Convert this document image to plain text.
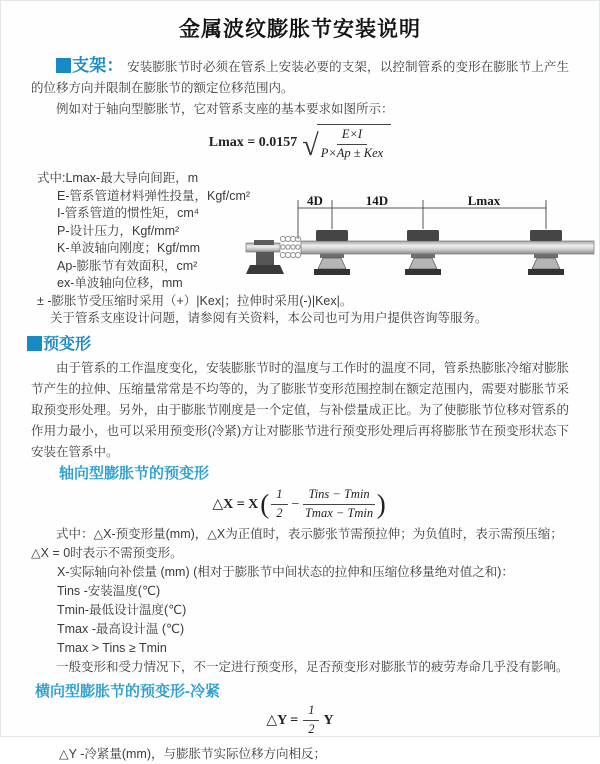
金属波纹膨胀节安装说明

支架： 安装膨胀节时必须在管系上安装必要的支架，以控制管系的变形在膨胀节上产生的位移方向并限制在膨胀节的额定位移范围内。

例如对于轴向型膨胀节，它对管系支座的基本要求如图所示：

Lmax = 0.0157 √ $\frac{E\times I}{\text{P×Ap ± Kex}}$
式中:Lmax-最大导向间距，m
E-管系管道材料弹性投量，Kgf/cm²
I-管系管道的惯性矩，cm⁴
P-设计压力，Kgf/mm²
K-单波轴向刚度；Kgf/mm
Ap-膨胀节有效面积，cm²
ex-单波轴向位移，mm
± -膨胀节受压缩时采用（+）|Kex|；拉伸时采用(-)|Kex|。
关于管系支座设计问题，请参阅有关资料，本公司也可为用户提供咨询等服务。
4D	14D	Lmax
预变形

由于管系的工作温度变化，安装膨胀节时的温度与工作时的温度不同，管系热膨胀冷缩对膨胀节产生的拉伸、压缩量常常是不均等的，为了膨胀节变形范围控制在额定范围内，需要对膨胀节采取预变形处理。另外，由于膨胀节刚度是一个定值，与补偿量成正比。为了使膨胀节位移对管系的作用力最小，也可以采用预变形(冷紧)方让对膨胀节进行预变形处理后再将膨胀节在预变形状态下安装在管系中。

轴向型膨胀节的预变形
△X = X ( $\frac{1}{2} - \frac{\text{Tins − Tmin}}{Tmax - Tmin}$ )

式中：△X-预变形量(mm)，△X为正值时，表示膨张节需预拉伸；为负值时，表示需预压缩；△X = 0时表示不需预变形。

X-实际轴向补偿量 (mm) (相对于膨胀节中间状态的拉伸和压缩位移量绝对值之和)：
Tins -安装温度(℃)
Tmin-最低设计温度(℃)
Tmax -最高设计温 (℃)
Tmax > Tins ≥ Tmin

一般变形和受力情况下，不一定进行预变形，足否预变形对膨胀节的疲劳寿命几乎没有影响。

横向型膨胀节的预变形-冷紧
△Y = $\frac{1}{2}$ Y

△Y -冷紧量(mm)，与膨胀节实际位移方向相反；
